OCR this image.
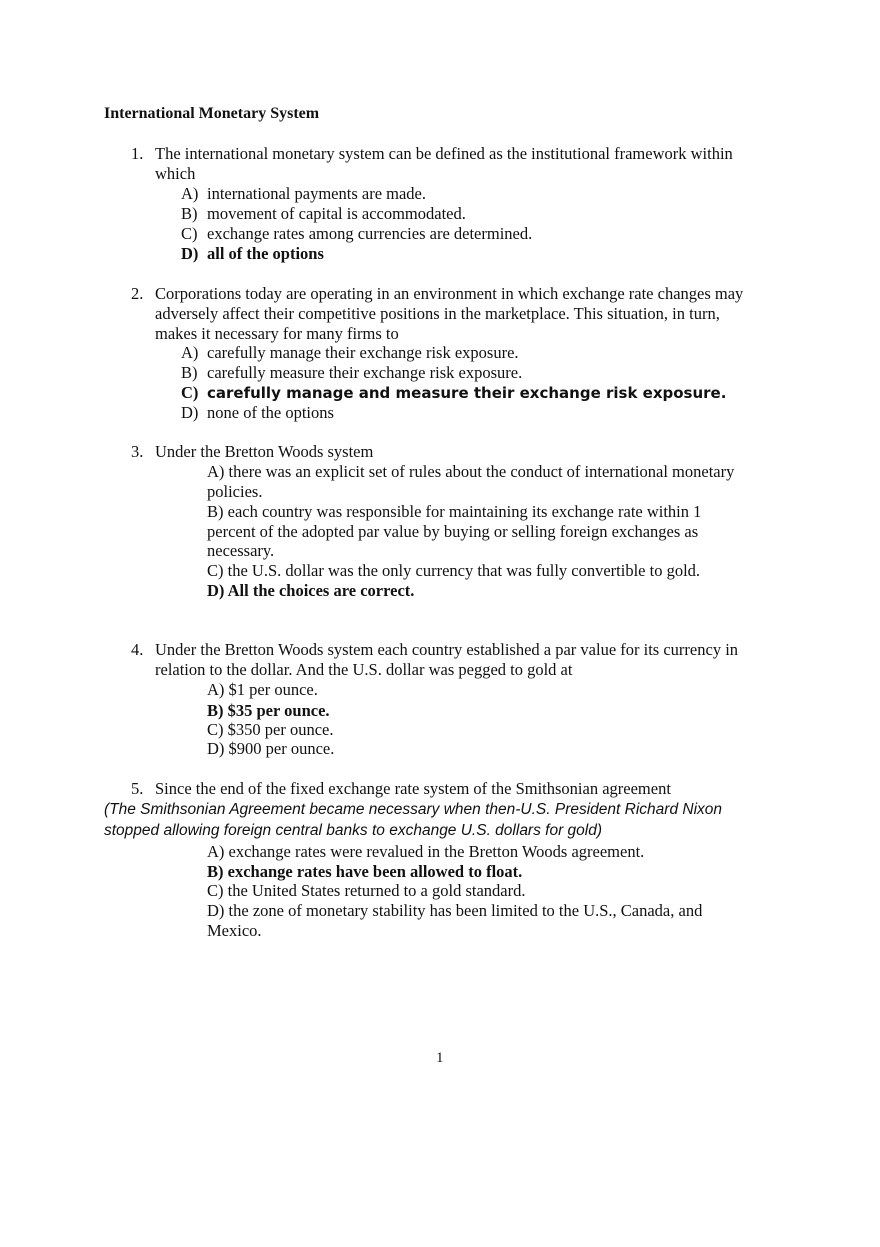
International Monetary System
1. The international monetary system can be defined as the institutional framework within
which
A) international payments are made.
B) movement of capital is accommodated.
C) exchange rates among currencies are determined.
D) all of the options
2. Corporations today are operating in an environment in which exchange rate changes may
adversely affect their competitive positions in the marketplace. This situation, in turn,
makes it necessary for many firms to
A) carefully manage their exchange risk exposure.
B) carefully measure their exchange risk exposure.
C) carefully manage and measure their exchange risk exposure.
D) none of the options
3. Under the Bretton Woods system
A) there was an explicit set of rules about the conduct of international monetary
policies.
B) each country was responsible for maintaining its exchange rate within 1
percent of the adopted par value by buying or selling foreign exchanges as
necessary.
C) the U.S. dollar was the only currency that was fully convertible to gold.
D) All the choices are correct.
4. Under the Bretton Woods system each country established a par value for its currency in
relation to the dollar. And the U.S. dollar was pegged to gold at
A) $1 per ounce.
B) $35 per ounce.
C) $350 per ounce.
D) $900 per ounce.
5. Since the end of the fixed exchange rate system of the Smithsonian agreement
(The Smithsonian Agreement became necessary when then-U.S. President Richard Nixon
stopped allowing foreign central banks to exchange U.S. dollars for gold)
A) exchange rates were revalued in the Bretton Woods agreement.
B) exchange rates have been allowed to float.
C) the United States returned to a gold standard.
D) the zone of monetary stability has been limited to the U.S., Canada, and
Mexico.
1
